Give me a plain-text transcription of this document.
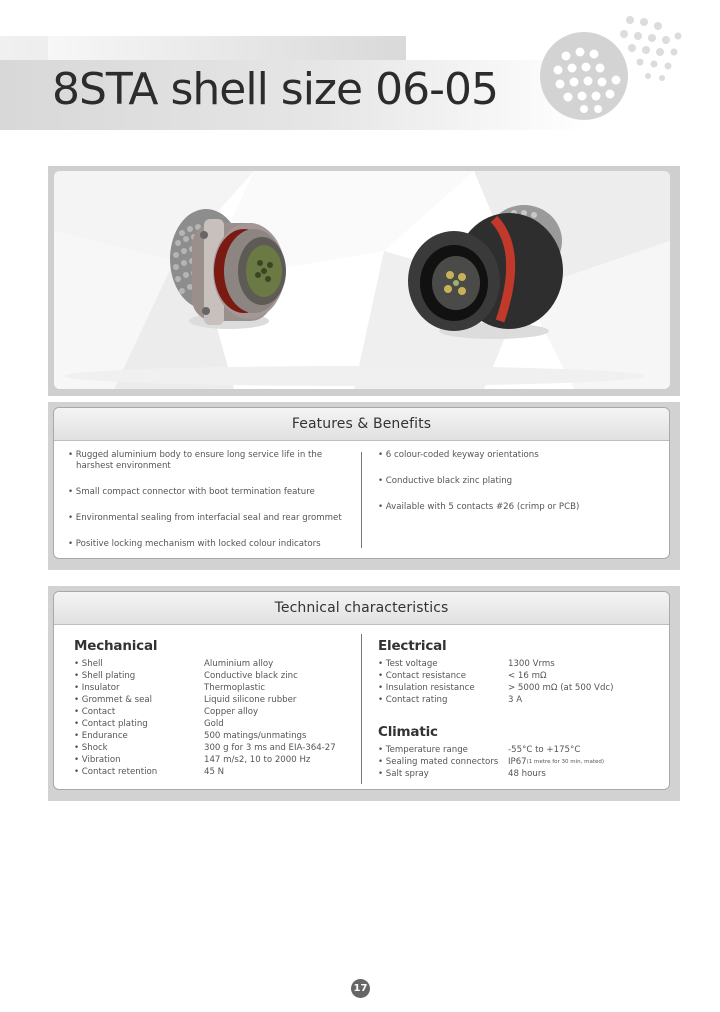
8STA shell size 06-05
Features & Benefits

• Rugged aluminium body to ensure long service life in the harshest environment

• Small compact connector with boot termination feature

• Environmental sealing from interfacial seal and rear grommet

• Positive locking mechanism with locked colour indicators

• 6 colour-coded keyway orientations

• Conductive black zinc plating

• Available with 5 contacts #26 (crimp or PCB)

Technical characteristics
Mechanical
• Shell	Aluminium alloy
• Shell plating	Conductive black zinc
• Insulator	Thermoplastic
• Grommet & seal	Liquid silicone rubber
• Contact	Copper alloy
• Contact plating	Gold
• Endurance	500 matings/unmatings
• Shock	300 g for 3 ms and EIA-364-27
• Vibration	147 m/s2, 10 to 2000 Hz
• Contact retention	45 N
Electrical
• Test voltage	1300 Vrms
• Contact resistance	< 16 mΩ
• Insulation resistance	> 5000 mΩ (at 500 Vdc)
• Contact rating	3 A
Climatic
• Temperature range	-55°C to +175°C
• Sealing mated connectors	IP67 (1 metre for 30 min, mated)
• Salt spray	48 hours
17
